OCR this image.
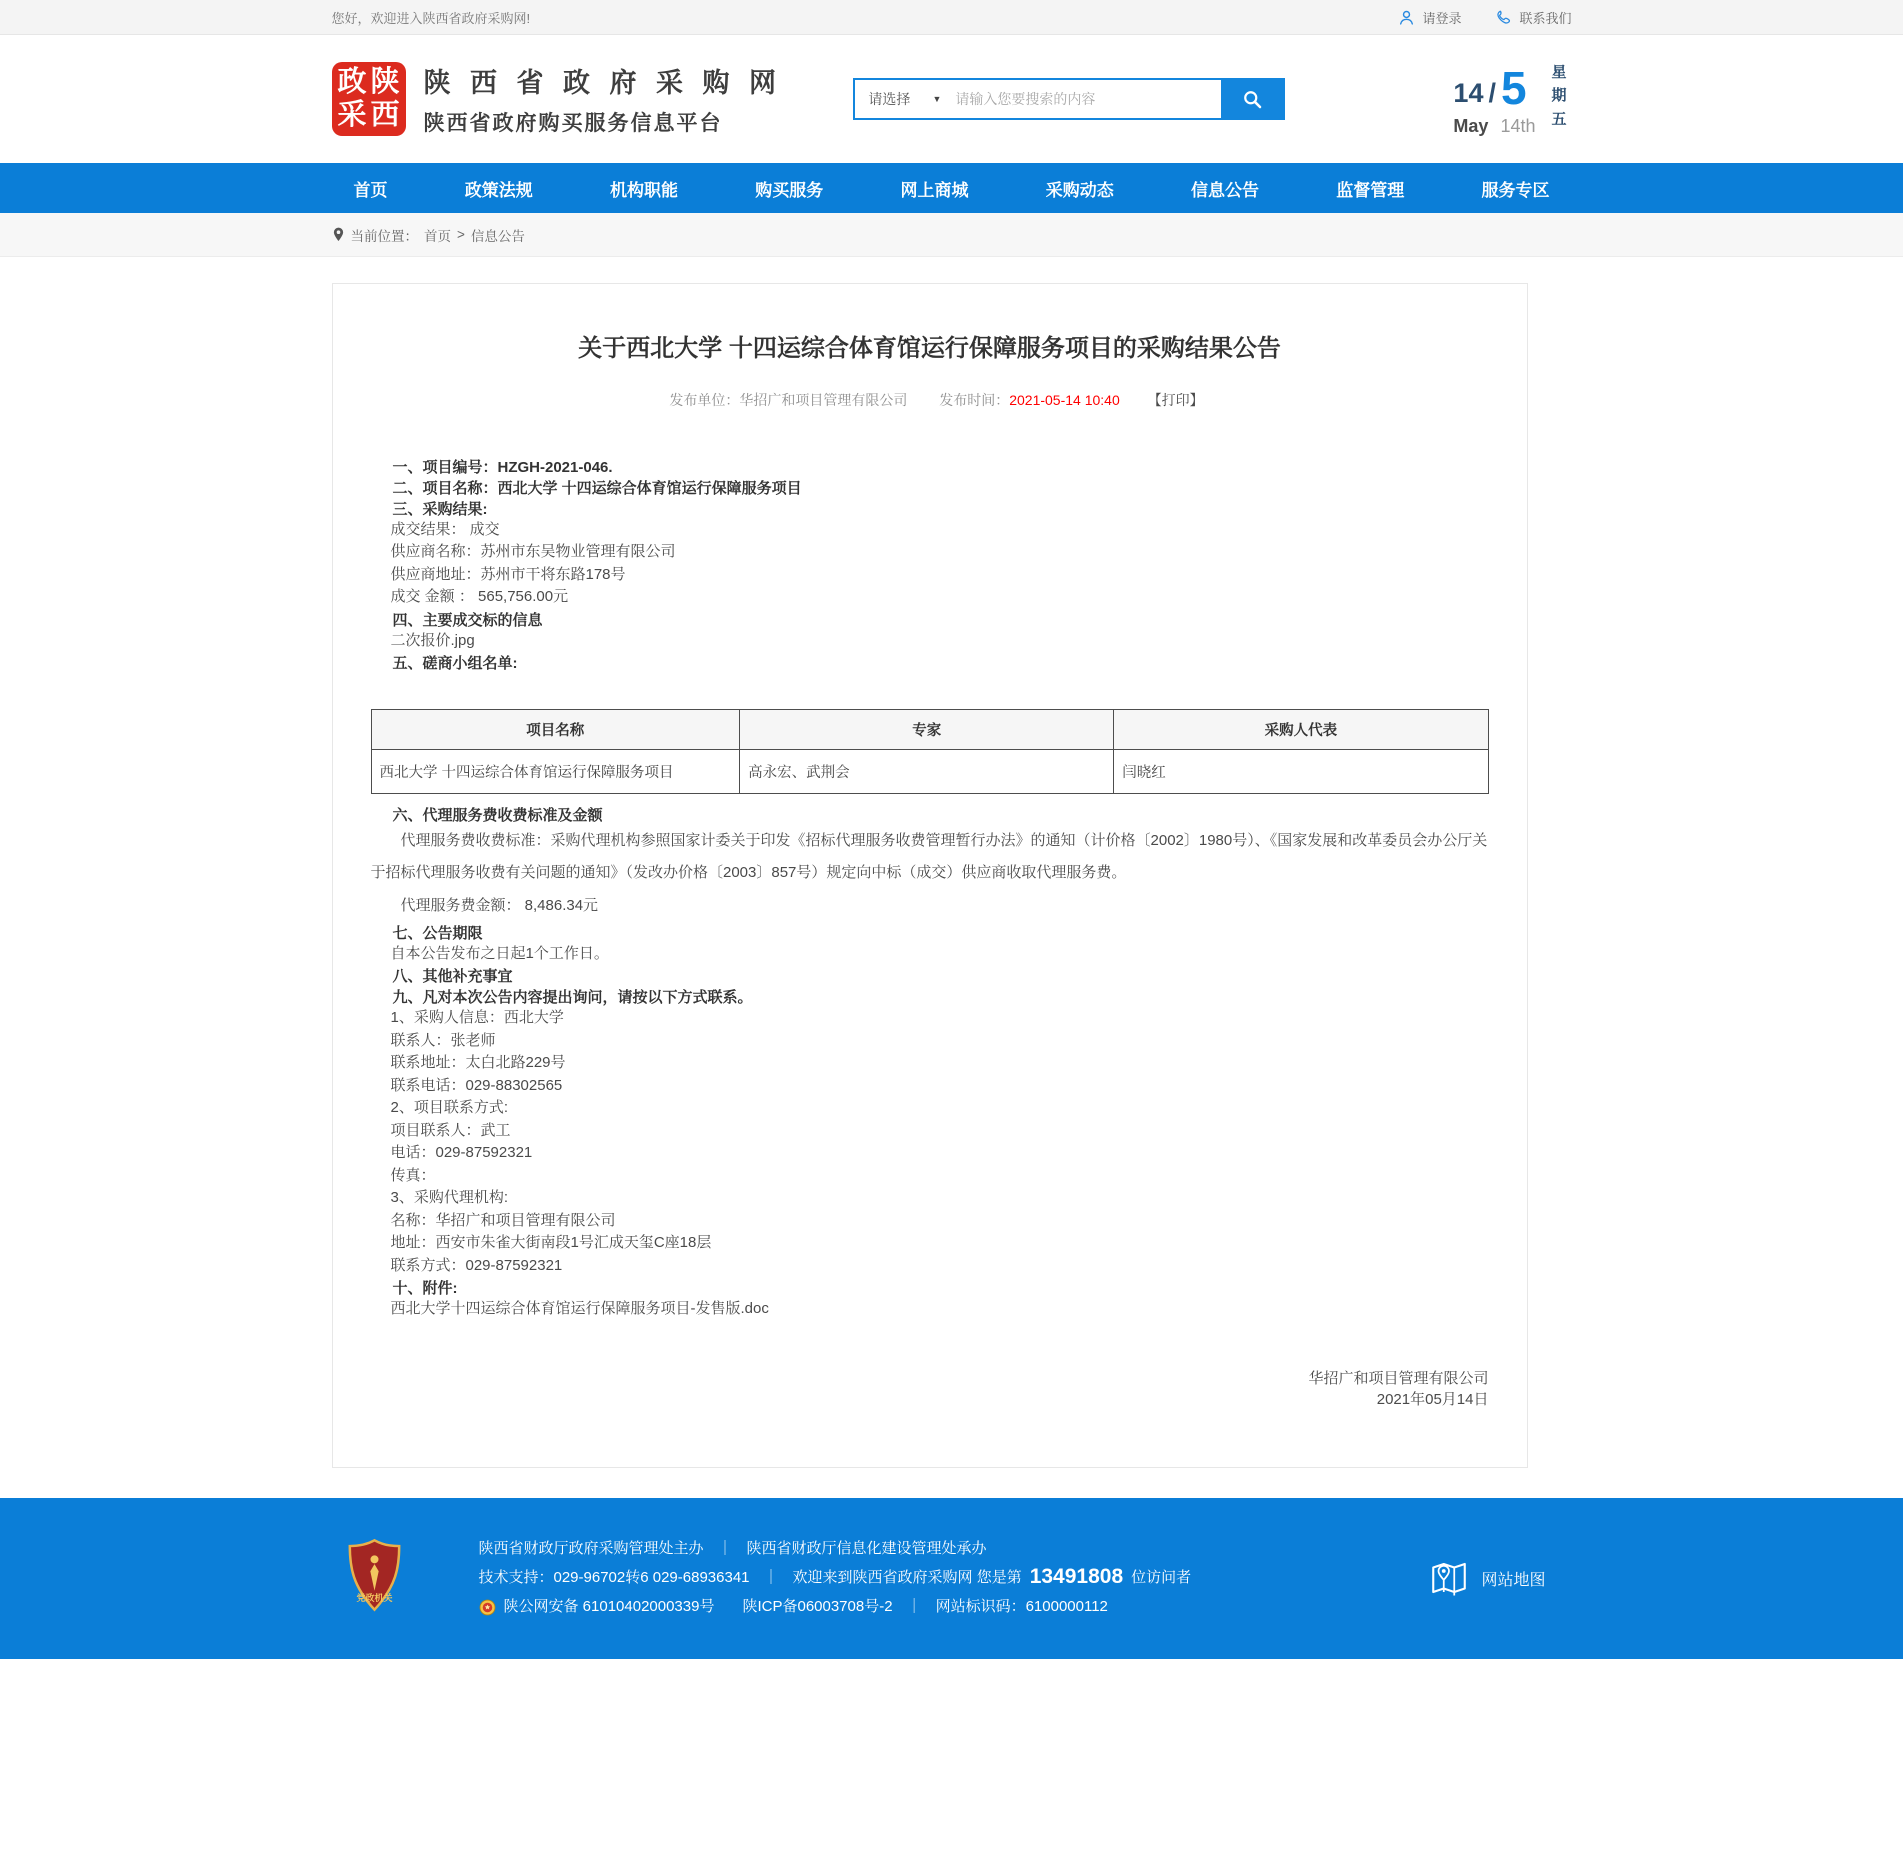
您好，欢迎进入陕西省政府采购网!	请登录	联系我们
政 陕
采 西
陕 西 省 政 府 采 购 网
陕西省政府购买服务信息平台
请选择 ▼
请输入您要搜索的内容	14 / 5
May 14th
星期五
首页	政策法规	机构职能	购买服务	网上商城	采购动态	信息公告	监督管理	服务专区
当前位置： 首页 > 信息公告
关于西北大学 十四运综合体育馆运行保障服务项目的采购结果公告
发布单位：华招广和项目管理有限公司 发布时间：2021-05-14 10:40 【打印】

一、项目编号：HZGH-2021-046.

二、项目名称：西北大学 十四运综合体育馆运行保障服务项目

三、采购结果:

成交结果： 成交

供应商名称：苏州市东吴物业管理有限公司

供应商地址：苏州市干将东路178号

成交 金额 ： 565,756.00元

四、主要成交标的信息

二次报价.jpg

五、磋商小组名单:

项目名称	专家	采购人代表
西北大学 十四运综合体育馆运行保障服务项目	高永宏、武荆会	闫晓红

六、代理服务费收费标准及金额

代理服务费收费标准：采购代理机构参照国家计委关于印发《招标代理服务收费管理暂行办法》的通知（计价格〔2002〕1980号）、《国家发展和改革委员会办公厅关于招标代理服务收费有关问题的通知》（发改办价格〔2003〕857号）规定向中标（成交）供应商收取代理服务费。

代理服务费金额： 8,486.34元

七、公告期限

自本公告发布之日起1个工作日。

八、其他补充事宜

九、凡对本次公告内容提出询问，请按以下方式联系。

1、采购人信息：西北大学

联系人：张老师

联系地址：太白北路229号

联系电话：029-88302565

2、项目联系方式:

项目联系人：武工

电话：029-87592321

传真：

3、采购代理机构:

名称：华招广和项目管理有限公司

地址：西安市朱雀大街南段1号汇成天玺C座18层

联系方式：029-87592321

十、附件:

西北大学十四运综合体育馆运行保障服务项目-发售版.doc

华招广和项目管理有限公司

2021年05月14日

党政机关
陕西省财政厅政府采购管理处主办 ｜ 陕西省财政厅信息化建设管理处承办
技术支持：029-96702转6 029-68936341 ｜ 欢迎来到陕西省政府采购网 您是第 13491808 位访问者
陕公网安备 61010402000339号 陕ICP备06003708号-2 ｜ 网站标识码： 6100000112
网站地图
